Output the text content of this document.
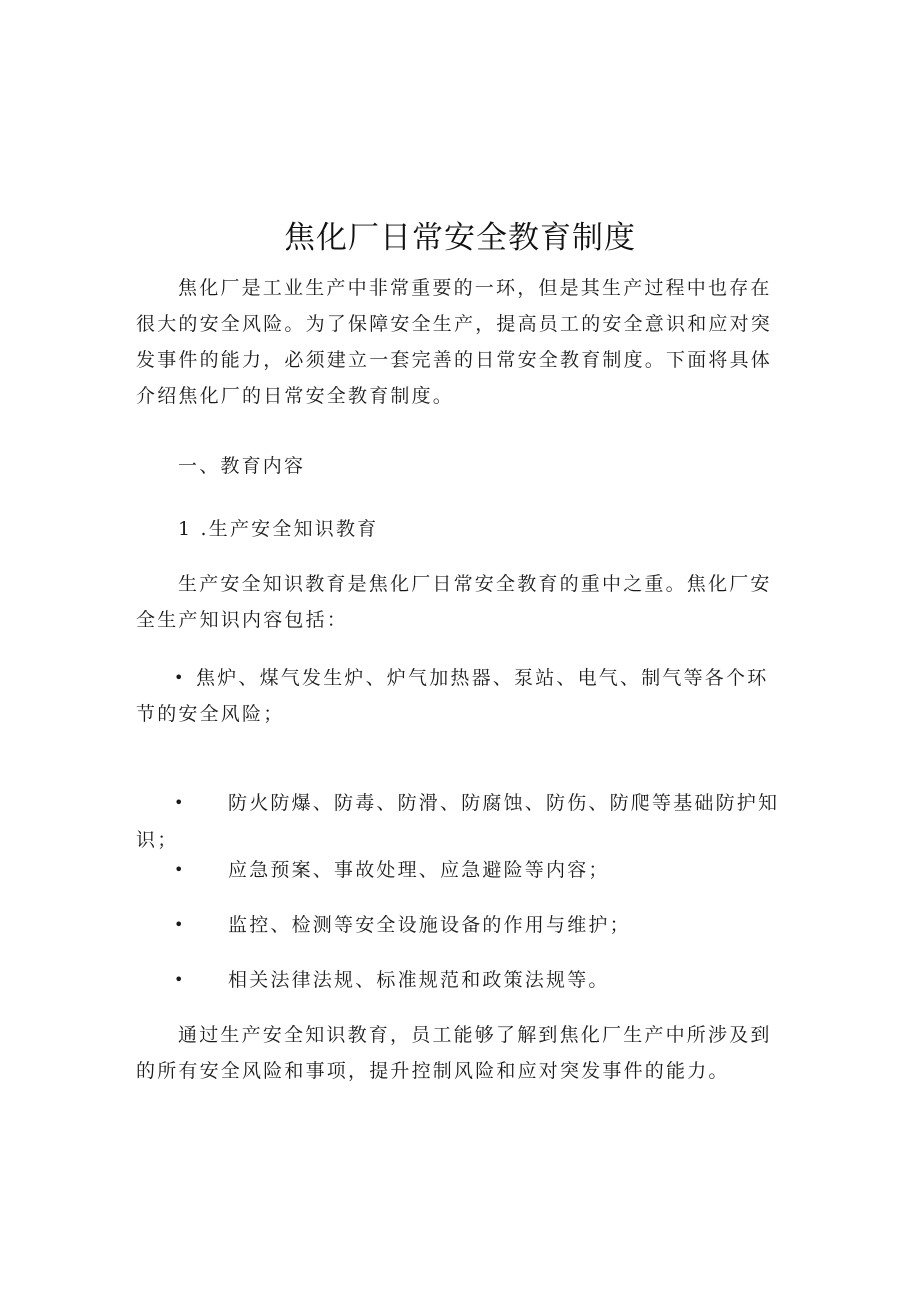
焦化厂日常安全教育制度

焦化厂是工业生产中非常重要的一环，但是其生产过程中也存在很大的安全风险。为了保障安全生产，提高员工的安全意识和应对突发事件的能力，必须建立一套完善的日常安全教育制度。下面将具体介绍焦化厂的日常安全教育制度。

一、教育内容

1 .生产安全知识教育

生产安全知识教育是焦化厂日常安全教育的重中之重。焦化厂安全生产知识内容包括：

• 焦炉、煤气发生炉、炉气加热器、泵站、电气、制气等各个环节的安全风险；

• 防火防爆、防毒、防滑、防腐蚀、防伤、防爬等基础防护知

识；

• 应急预案、事故处理、应急避险等内容；

• 监控、检测等安全设施设备的作用与维护；

• 相关法律法规、标准规范和政策法规等。

通过生产安全知识教育，员工能够了解到焦化厂生产中所涉及到的所有安全风险和事项，提升控制风险和应对突发事件的能力。
